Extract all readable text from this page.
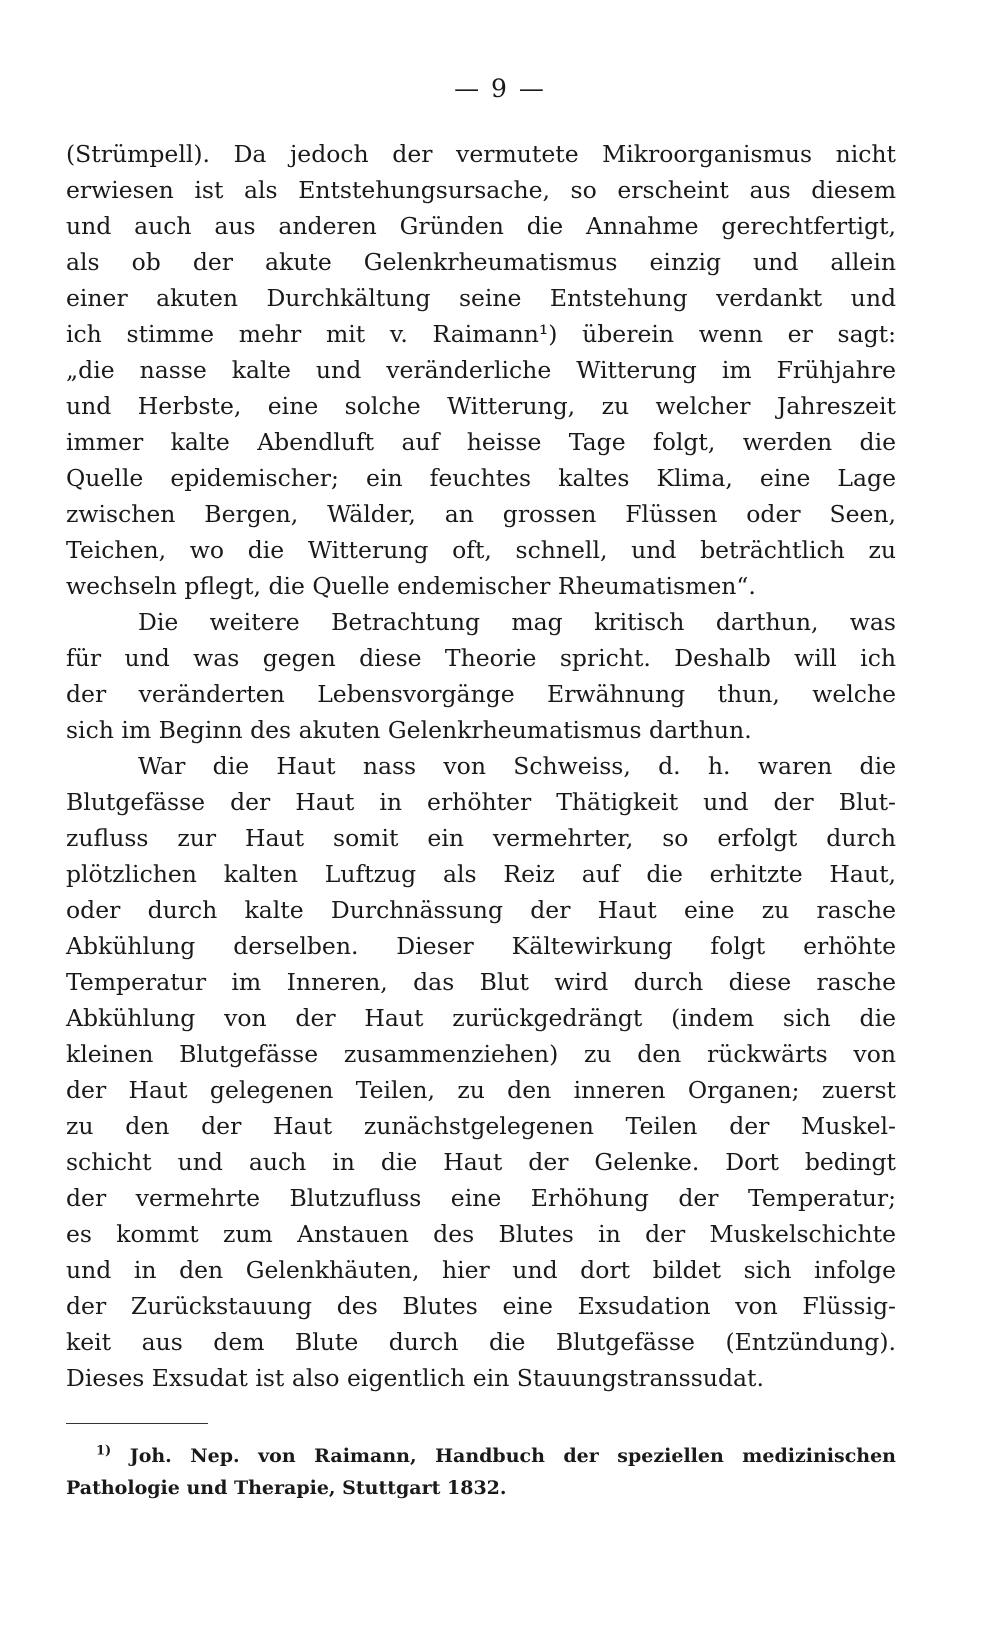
— 9 —
(Strümpell). Da jedoch der vermutete Mikroorganismus nicht
erwiesen ist als Entstehungsursache, so erscheint aus diesem
und auch aus anderen Gründen die Annahme gerechtfertigt,
als ob der akute Gelenkrheumatismus einzig und allein
einer akuten Durchkältung seine Entstehung verdankt und
ich stimme mehr mit v. Raimann¹) überein wenn er sagt:
„die nasse kalte und veränderliche Witterung im Frühjahre
und Herbste, eine solche Witterung, zu welcher Jahreszeit
immer kalte Abendluft auf heisse Tage folgt, werden die
Quelle epidemischer; ein feuchtes kaltes Klima, eine Lage
zwischen Bergen, Wälder, an grossen Flüssen oder Seen,
Teichen, wo die Witterung oft, schnell, und beträchtlich zu
wechseln pflegt, die Quelle endemischer Rheumatismen“.
Die weitere Betrachtung mag kritisch darthun, was
für und was gegen diese Theorie spricht. Deshalb will ich
der veränderten Lebensvorgänge Erwähnung thun, welche
sich im Beginn des akuten Gelenkrheumatismus darthun.
War die Haut nass von Schweiss, d. h. waren die
Blutgefässe der Haut in erhöhter Thätigkeit und der Blut-
zufluss zur Haut somit ein vermehrter, so erfolgt durch
plötzlichen kalten Luftzug als Reiz auf die erhitzte Haut,
oder durch kalte Durchnässung der Haut eine zu rasche
Abkühlung derselben. Dieser Kältewirkung folgt erhöhte
Temperatur im Inneren, das Blut wird durch diese rasche
Abkühlung von der Haut zurückgedrängt (indem sich die
kleinen Blutgefässe zusammenziehen) zu den rückwärts von
der Haut gelegenen Teilen, zu den inneren Organen; zuerst
zu den der Haut zunächstgelegenen Teilen der Muskel-
schicht und auch in die Haut der Gelenke. Dort bedingt
der vermehrte Blutzufluss eine Erhöhung der Temperatur;
es kommt zum Anstauen des Blutes in der Muskelschichte
und in den Gelenkhäuten, hier und dort bildet sich infolge
der Zurückstauung des Blutes eine Exsudation von Flüssig-
keit aus dem Blute durch die Blutgefässe (Entzündung).
Dieses Exsudat ist also eigentlich ein Stauungstranssudat.
$^{1)}$ Joh. Nep. von Raimann, Handbuch der speziellen medizinischen
Pathologie und Therapie, Stuttgart 1832.
